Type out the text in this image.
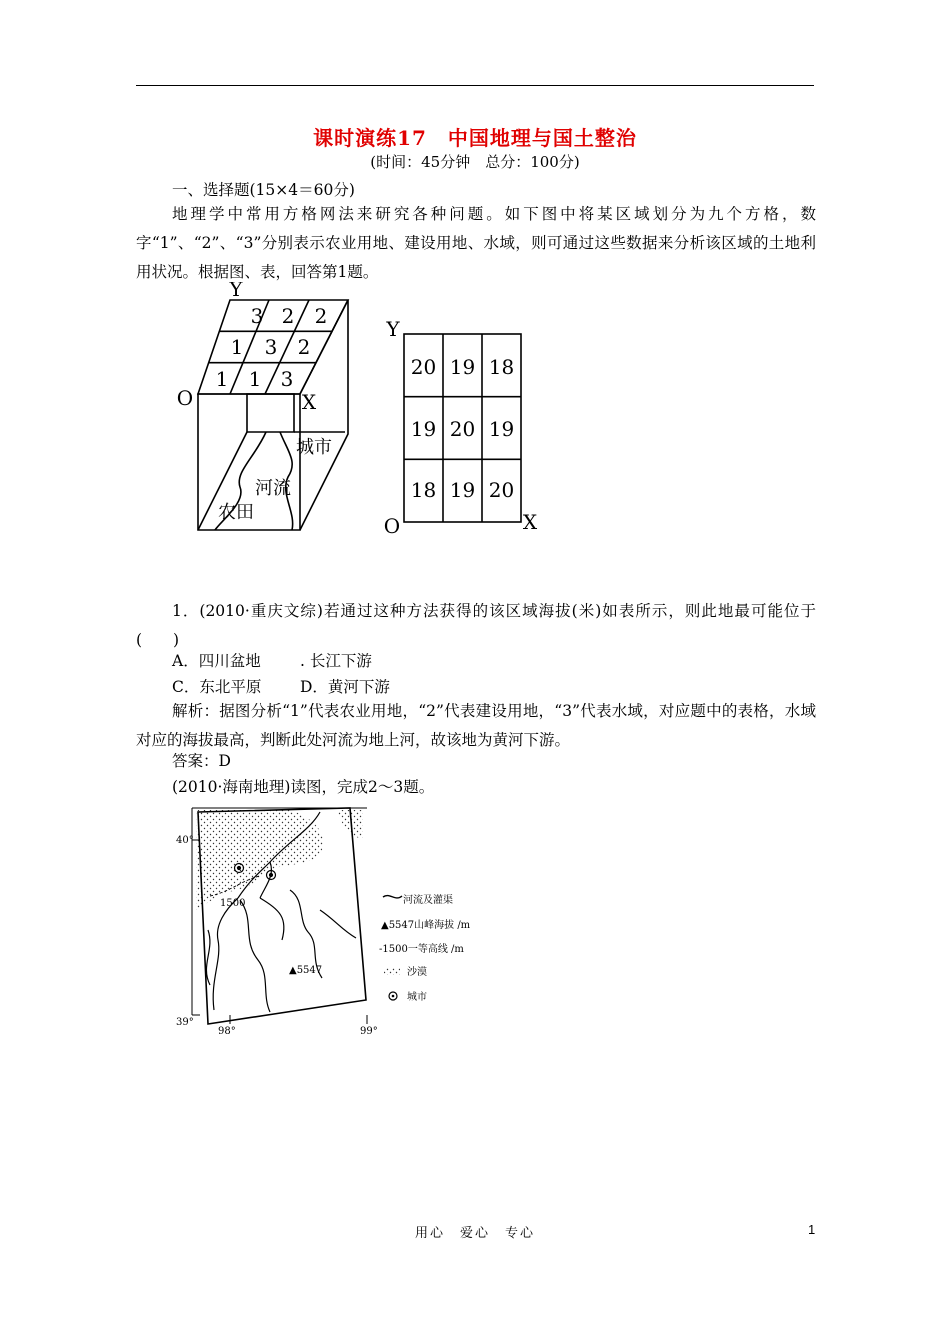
课时演练17　中国地理与国土整治
(时间：45分钟　总分：100分)
一、选择题(15×4＝60分)
地理学中常用方格网法来研究各种问题。如下图中将某区域划分为九个方格，数字“1”、“2”、“3”分别表示农业用地、建设用地、水域，则可通过这些数据来分析该区域的土地利用状况。根据图、表，回答第1题。
Y
O	X
3 2 2
1 3 2
1 1 3
城市
河流
农田
Y
O	X
20 19 18
19 20 19
18 19 20
1．(2010·重庆文综)若通过这种方法获得的该区域海拔(米)如表所示，则此地最可能位于(　　)
A．四川盆地	. 长江下游
C．东北平原 D．黄河下游
解析：据图分析“1”代表农业用地，“2”代表建设用地，“3”代表水域，对应题中的表格，水域对应的海拔最高，判断此处河流为地上河，故该地为黄河下游。
答案：D
(2010·海南地理)读图，完成2～3题。
40°
39°
98°	99°
1500
▲5547
河流及灌渠
▲5547山峰海拔 /m
-1500一等高线 /m
沙漠
城市
用心　爱心　专心	1
